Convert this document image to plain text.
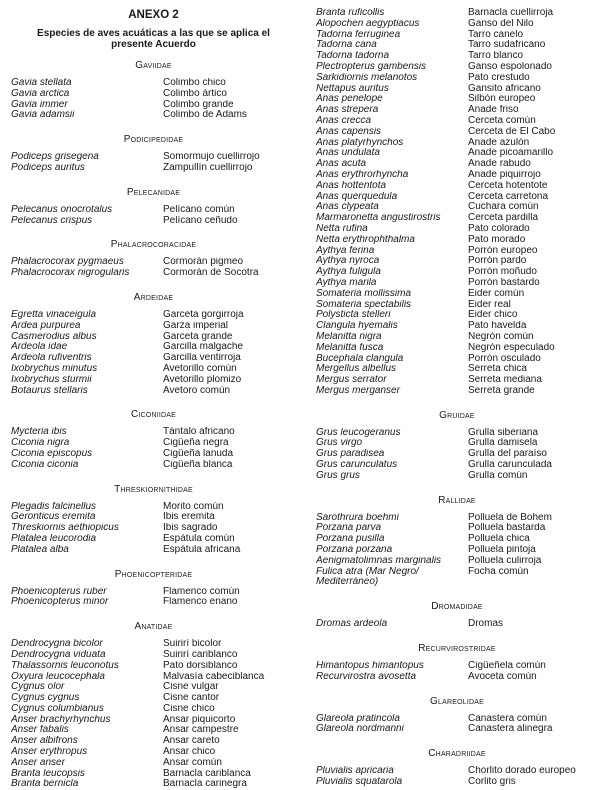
ANEXO 2
Especies de aves acuáticas a las que se aplica el presente Acuerdo
Gaviidae
Gavia stellata	Colimbo chico
Gavia arctica	Colimbo ártico
Gavia immer	Colimbo grande
Gavia adamsii	Colimbo de Adams
Podicipedidae
Podiceps grisegena	Somormujo cuellirrojo
Podiceps auritus	Zampullín cuellirrojo
Pelecanidae
Pelecanus onocrotalus	Pelícano común
Pelecanus crispus	Pelícano ceñudo
Phalacrocoracidae
Phalacrocorax pygmaeus	Cormorán pigmeo
Phalacrocorax nigrogularis	Cormorán de Socotra
Ardeidae
Egretta vinaceigula	Garceta gorgirroja
Ardea purpurea	Garza imperial
Casmerodius albus	Garceta grande
Ardeola idae	Garcilla malgache
Ardeola rufiventris	Garcilla ventirroja
Ixobrychus minutus	Avetorillo común
Ixobrychus sturmii	Avetorillo plomizo
Botaurus stellaris	Avetoro común
Ciconiidae
Mycteria ibis	Tántalo africano
Ciconia nigra	Cigüeña negra
Ciconia episcopus	Cigüeña lanuda
Ciconia ciconia	Cigüeña blanca
Threskiornithidae
Plegadis falcinellus	Morito común
Geronticus eremita	Ibis eremita
Threskiornis aethiopicus	Ibis sagrado
Platalea leucorodia	Espátula común
Platalea alba	Espátula africana
Phoenicopteridae
Phoenicopterus ruber	Flamenco común
Phoenicopterus minor	Flamenco enano
Anatidae
Dendrocygna bicolor	Suirirí bicolor
Dendrocygna viduata	Suirirí cariblanco
Thalassornis leuconotus	Pato dorsiblanco
Oxyura leucocephala	Malvasía cabeciblanca
Cygnus olor	Cisne vulgar
Cygnus cygnus	Cisne cantor
Cygnus columbianus	Cisne chico
Anser brachyrhynchus	Ansar piquicorto
Anser fabalis	Ansar campestre
Anser albifrons	Ansar careto
Anser erythropus	Ansar chico
Anser anser	Ansar común
Branta leucopsis	Barnacla cariblanca
Branta bernicla	Barnacla carinegra
Branta ruficollis	Barnacla cuellirroja
Alopochen aegyptiacus	Ganso del Nilo
Tadorna ferruginea	Tarro canelo
Tadorna cana	Tarro sudafricano
Tadorna tadorna	Tarro blanco
Plectropterus gambensis	Ganso espolonado
Sarkidiornis melanotos	Pato crestudo
Nettapus auritus	Gansito africano
Anas penelope	Silbón europeo
Anas strepera	Anade friso
Anas crecca	Cerceta común
Anas capensis	Cerceta de El Cabo
Anas platyrhynchos	Anade azulón
Anas undulata	Anade picoamarillo
Anas acuta	Anade rabudo
Anas erythrorhyncha	Anade piquirrojo
Anas hottentota	Cerceta hotentote
Anas querquedula	Cerceta carretona
Anas clypeata	Cuchara común
Marmaronetta angustirostris	Cerceta pardilla
Netta rufina	Pato colorado
Netta erythrophthalma	Pato morado
Aythya ferina	Porrón europeo
Aythya nyroca	Porrón pardo
Aythya fuligula	Porrón moñudo
Aythya marila	Porrón bastardo
Somateria mollissima	Eider común
Somateria spectabilis	Eider real
Polysticta stelleri	Eider chico
Clangula hyemalis	Pato havelda
Melanitta nigra	Negrón común
Melanitta fusca	Negrón especulado
Bucephala clangula	Porrón osculado
Mergellus albellus	Serreta chica
Mergus serrator	Serreta mediana
Mergus merganser	Serreta grande
Gruidae
Grus leucogeranus	Grulla siberiana
Grus virgo	Grulla damisela
Grus paradisea	Grulla del paraíso
Grus carunculatus	Grulla carunculada
Grus grus	Grulla común
Rallidae
Sarothrura boehmi	Polluela de Bohem
Porzana parva	Polluela bastarda
Porzana pusilla	Polluela chica
Porzana porzana	Polluela pintoja
Aenigmatolimnas marginalis	Polluela culirroja
Fulica atra (Mar Negro/	Focha común
Mediterráneo)
Dromadidae
Dromas ardeola	Dromas
Recurvirostridae
Himantopus himantopus	Cigüeñela común
Recurvirostra avosetta	Avoceta común
Glareolidae
Glareola pratincola	Canastera común
Glareola nordmanni	Canastera alinegra
Charadriidae
Pluvialis apricaria	Chorlito dorado europeo
Pluvialis squatarola	Corlito gris
